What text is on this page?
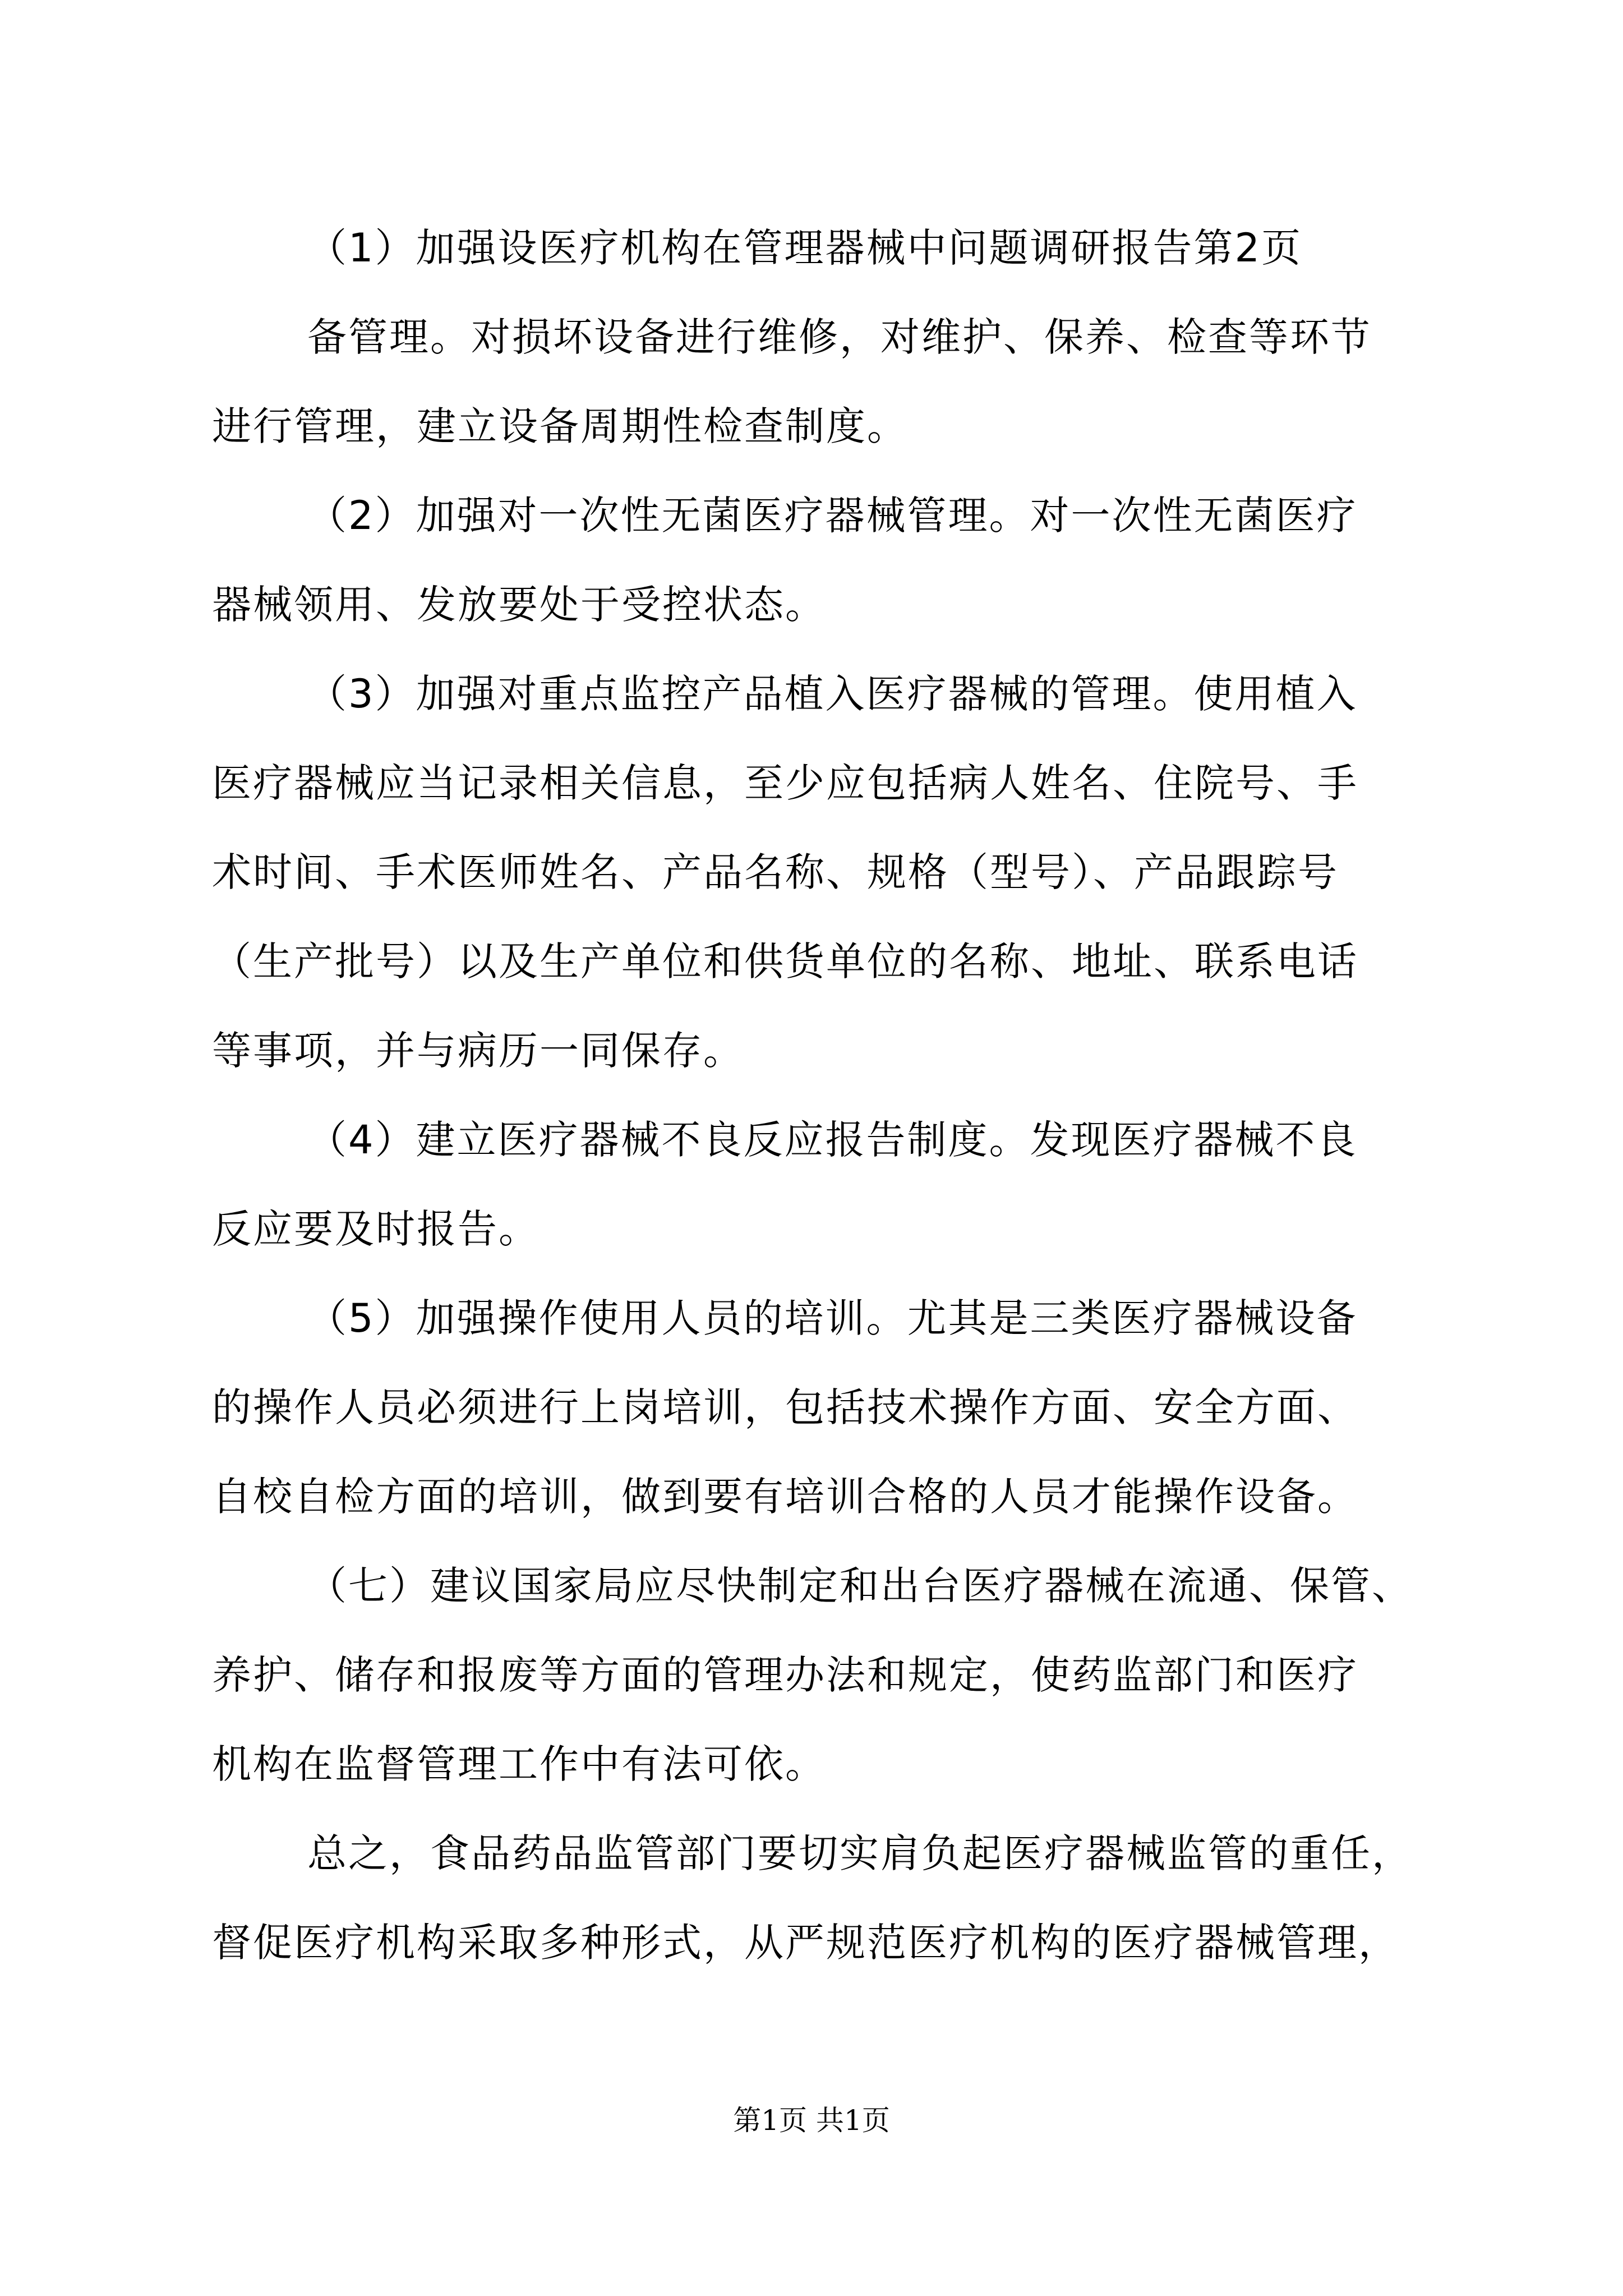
（1）加强设医疗机构在管理器械中问题调研报告第2页
备管理。对损坏设备进行维修，对维护、保养、检查等环节
进行管理，建立设备周期性检查制度。
（2）加强对一次性无菌医疗器械管理。对一次性无菌医疗
器械领用、发放要处于受控状态。
（3）加强对重点监控产品植入医疗器械的管理。使用植入
医疗器械应当记录相关信息，至少应包括病人姓名、住院号、手
术时间、手术医师姓名、产品名称、规格（型号）、产品跟踪号
（生产批号）以及生产单位和供货单位的名称、地址、联系电话
等事项，并与病历一同保存。
（4）建立医疗器械不良反应报告制度。发现医疗器械不良
反应要及时报告。
（5）加强操作使用人员的培训。尤其是三类医疗器械设备
的操作人员必须进行上岗培训，包括技术操作方面、安全方面、
自校自检方面的培训，做到要有培训合格的人员才能操作设备。
（七）建议国家局应尽快制定和出台医疗器械在流通、保管、
养护、储存和报废等方面的管理办法和规定，使药监部门和医疗
机构在监督管理工作中有法可依。
总之，食品药品监管部门要切实肩负起医疗器械监管的重任，
督促医疗机构采取多种形式，从严规范医疗机构的医疗器械管理，
第1页 共1页
